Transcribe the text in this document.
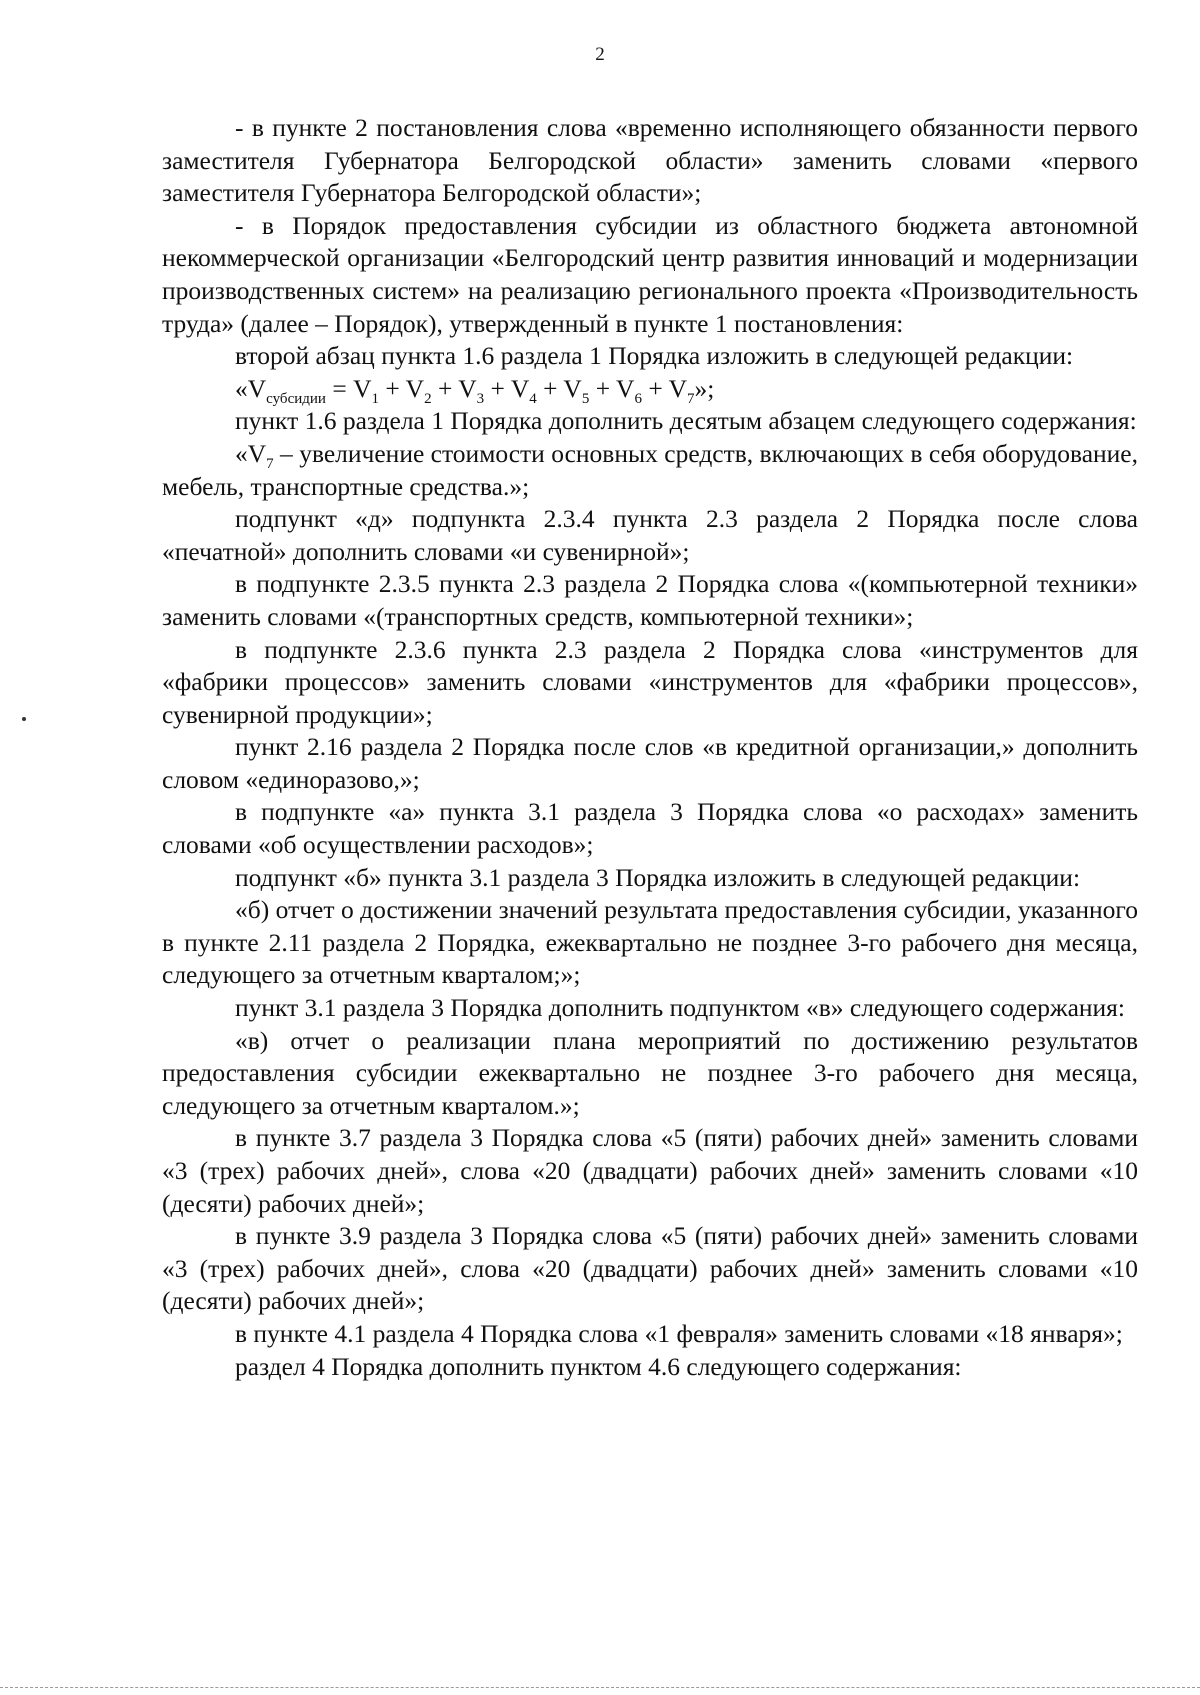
2

- в пункте 2 постановления слова «временно исполняющего обязанности первого заместителя Губернатора Белгородской области» заменить словами «первого заместителя Губернатора Белгородской области»;

- в Порядок предоставления субсидии из областного бюджета автономной некоммерческой организации «Белгородский центр развития инноваций и модернизации производственных систем» на реализацию регионального проекта «Производительность труда» (далее – Порядок), утвержденный в пункте 1 постановления:

второй абзац пункта 1.6 раздела 1 Порядка изложить в следующей редакции:

«$V_{субсидии} = V_1 + V_2 + V_3 + V_4 + V_5 + V_6 + V_7$»;

пункт 1.6 раздела 1 Порядка дополнить десятым абзацем следующего содержания:

«$V_7$ – увеличение стоимости основных средств, включающих в себя оборудование, мебель, транспортные средства.»;

подпункт «д» подпункта 2.3.4 пункта 2.3 раздела 2 Порядка после слова «печатной» дополнить словами «и сувенирной»;

в подпункте 2.3.5 пункта 2.3 раздела 2 Порядка слова «(компьютерной техники» заменить словами «(транспортных средств, компьютерной техники»;

в подпункте 2.3.6 пункта 2.3 раздела 2 Порядка слова «инструментов для «фабрики процессов» заменить словами «инструментов для «фабрики процессов», сувенирной продукции»;

пункт 2.16 раздела 2 Порядка после слов «в кредитной организации,» дополнить словом «единоразово,»;

в подпункте «а» пункта 3.1 раздела 3 Порядка слова «о расходах» заменить словами «об осуществлении расходов»;

подпункт «б» пункта 3.1 раздела 3 Порядка изложить в следующей редакции:

«б) отчет о достижении значений результата предоставления субсидии, указанного в пункте 2.11 раздела 2 Порядка, ежеквартально не позднее 3-го рабочего дня месяца, следующего за отчетным кварталом;»;

пункт 3.1 раздела 3 Порядка дополнить подпунктом «в» следующего содержания:

«в) отчет о реализации плана мероприятий по достижению результатов предоставления субсидии ежеквартально не позднее 3-го рабочего дня месяца, следующего за отчетным кварталом.»;

в пункте 3.7 раздела 3 Порядка слова «5 (пяти) рабочих дней» заменить словами «3 (трех) рабочих дней», слова «20 (двадцати) рабочих дней» заменить словами «10 (десяти) рабочих дней»;

в пункте 3.9 раздела 3 Порядка слова «5 (пяти) рабочих дней» заменить словами «3 (трех) рабочих дней», слова «20 (двадцати) рабочих дней» заменить словами «10 (десяти) рабочих дней»;

в пункте 4.1 раздела 4 Порядка слова «1 февраля» заменить словами «18 января»;

раздел 4 Порядка дополнить пунктом 4.6 следующего содержания:
